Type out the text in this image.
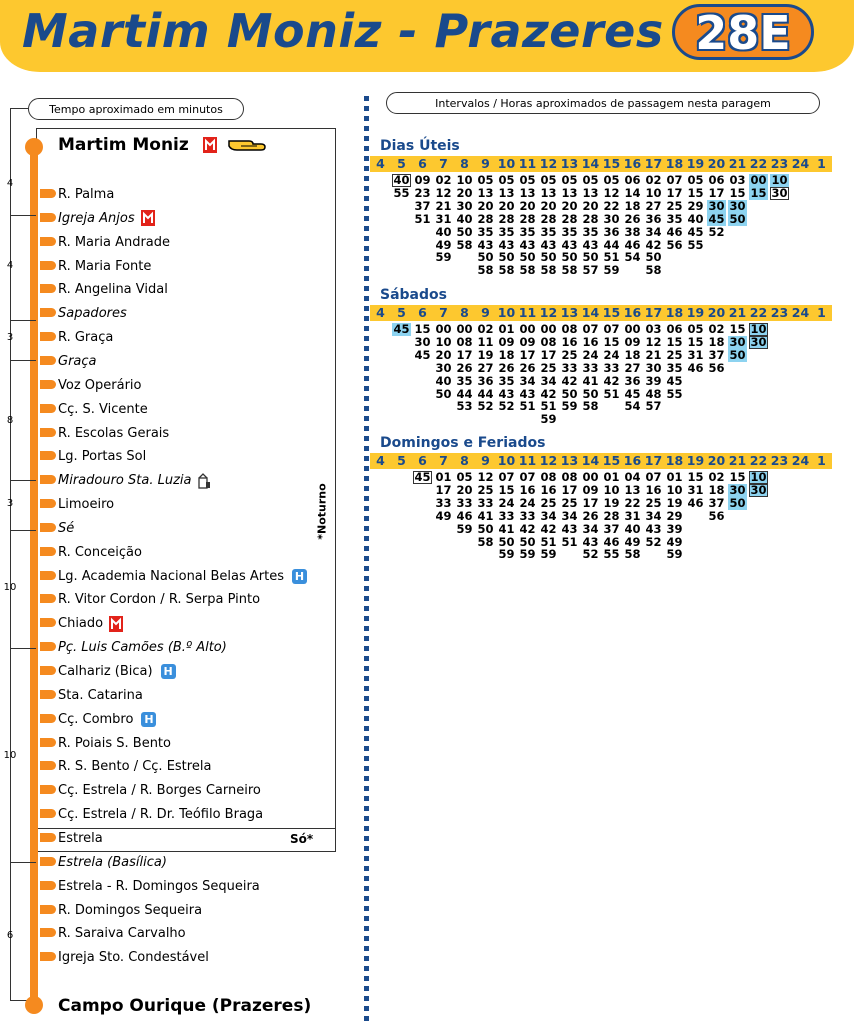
Martim Moniz - Prazeres 28E
Tempo aproximado em minutos
Só*
*Noturno
Martim Moniz
Campo Ourique (Prazeres)
R. Palma
Igreja Anjos
R. Maria Andrade
R. Maria Fonte
R. Angelina Vidal
Sapadores
R. Graça
Graça
Voz Operário
Cç. S. Vicente
R. Escolas Gerais
Lg. Portas Sol
Miradouro Sta. Luzia
Limoeiro
Sé
R. Conceição
Lg. Academia Nacional Belas Artes H
R. Vitor Cordon / R. Serpa Pinto
Chiado
Pç. Luis Camões (B.º Alto)
Calhariz (Bica) H
Sta. Catarina
Cç. Combro H
R. Poiais S. Bento
R. S. Bento / Cç. Estrela
Cç. Estrela / R. Borges Carneiro
Cç. Estrela / R. Dr. Teófilo Braga
Estrela
Estrela (Basílica)
Estrela - R. Domingos Sequeira
R. Domingos Sequeira
R. Saraiva Carvalho
Igreja Sto. Condestável
4
4
3
8
3
10
10
6
Intervalos / Horas aproximados de passagem nesta paragem
Dias Úteis
4 5 6 7 8 9 10 11 12 13 14 15 16 17 18 19 20 21 22 23 24 1
40 09 02 10 05 05 05 05 05 05 05 06 02 07 05 06 03 00 10
55 23 12 20 13 13 13 13 13 13 12 14 10 17 15 17 15 15 30
37 21 30 20 20 20 20 20 20 22 18 27 25 29 30 30
51 31 40 28 28 28 28 28 28 30 26 36 35 40 45 50
40 50 35 35 35 35 35 35 36 38 34 46 45 52
49 58 43 43 43 43 43 43 44 46 42 56 55
59 50 50 50 50 50 50 51 54 50
58 58 58 58 58 57 59 58
Sábados
4 5 6 7 8 9 10 11 12 13 14 15 16 17 18 19 20 21 22 23 24 1
45 15 00 00 02 01 00 00 08 07 07 00 03 06 05 02 15 10
30 10 08 11 09 09 08 16 16 15 09 12 15 15 18 30 30
45 20 17 19 18 17 17 25 24 24 18 21 25 31 37 50
30 26 27 26 26 25 33 33 33 27 30 35 46 56
40 35 36 35 34 34 42 41 42 36 39 45
50 44 44 43 43 42 50 50 51 45 48 55
53 52 52 51 51 59 58 54 57
59
Domingos e Feriados
4 5 6 7 8 9 10 11 12 13 14 15 16 17 18 19 20 21 22 23 24 1
45 01 05 12 07 07 08 08 00 01 04 07 01 15 02 15 10
17 20 25 15 16 16 17 09 10 13 16 10 31 18 30 30
33 33 33 24 24 25 25 17 19 22 25 19 46 37 50
49 46 41 33 33 34 34 26 28 31 34 29 56
59 50 41 42 42 43 34 37 40 43 39
58 50 50 51 51 43 46 49 52 49
59 59 59 52 55 58 59
